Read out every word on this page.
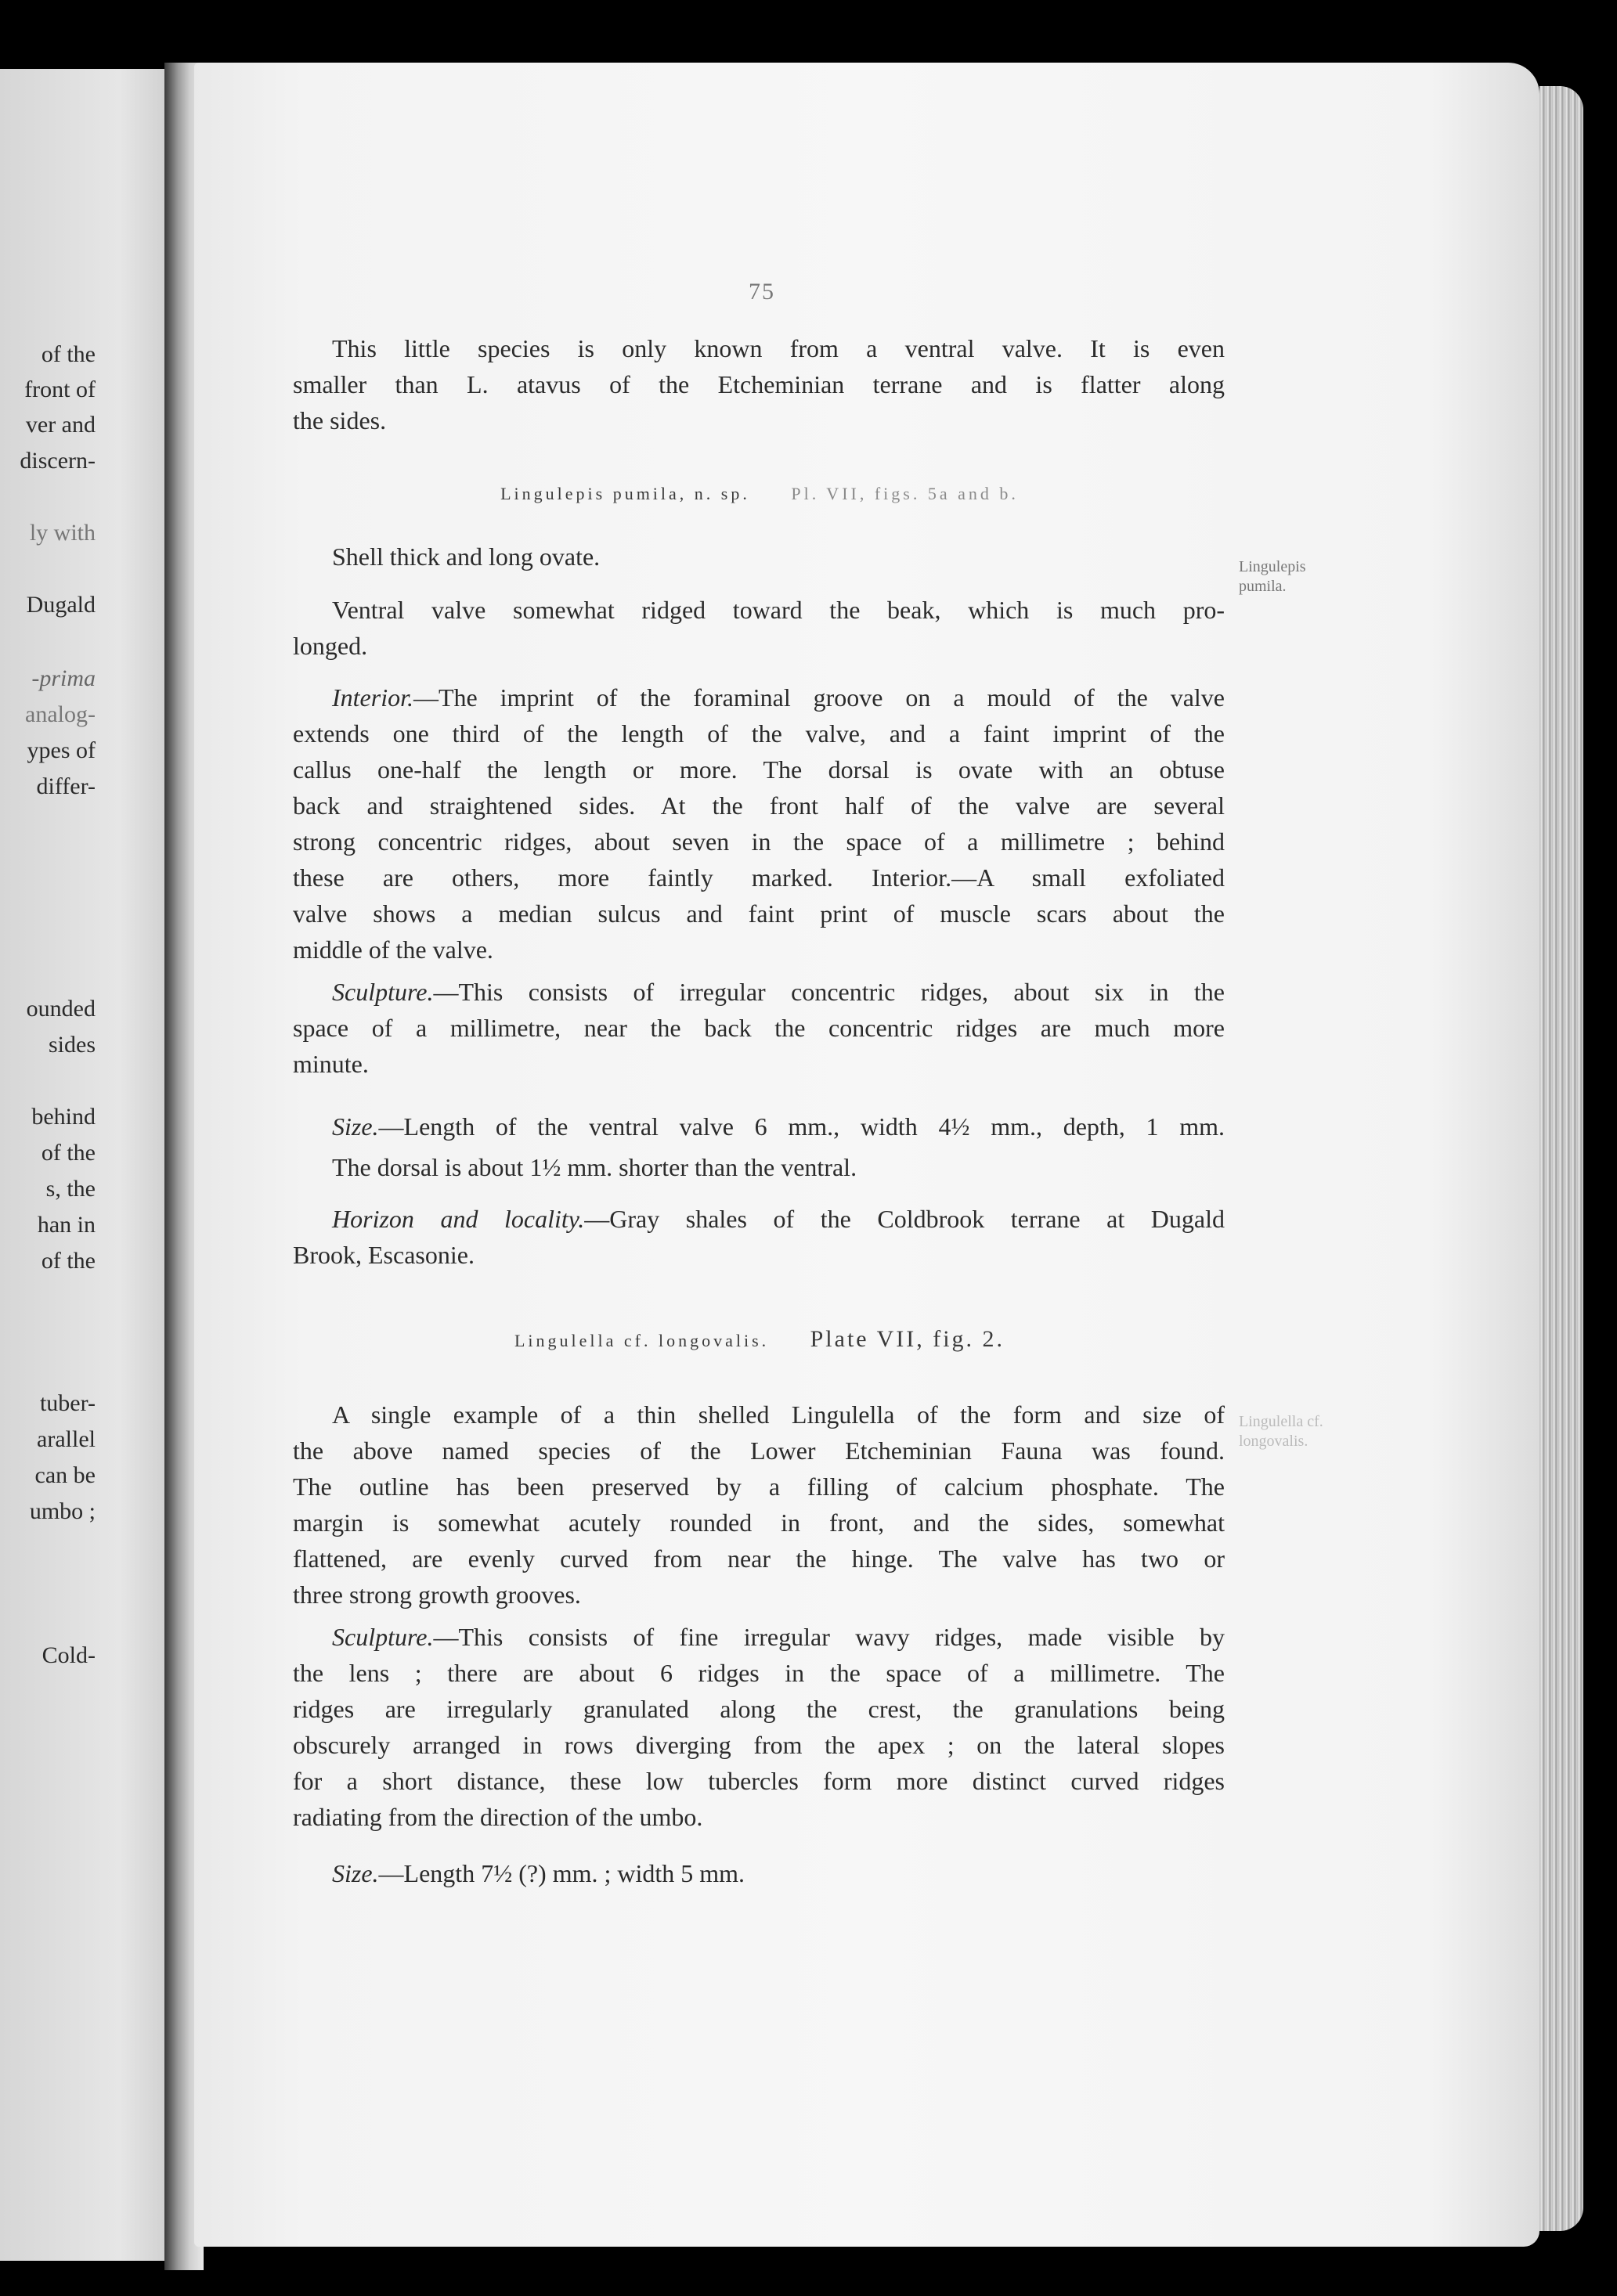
of the
front of
ver and
discern-
ly with
Dugald
-prima
analog-
ypes of
differ-
ounded
sides
behind
of the
s, the
han in
of the
tuber-
arallel
can be
umbo ;
Cold-
75
This little species is only known from a ventral valve. It is even
smaller than L. atavus of the Etcheminian terrane and is flatter along
the sides.
Lingulepis pumila, n. sp. Pl. VII, figs. 5a and b.
Lingulepis
pumila.
Shell thick and long ovate.
Ventral valve somewhat ridged toward the beak, which is much pro-
longed.
Interior.—The imprint of the foraminal groove on a mould of the valve
extends one third of the length of the valve, and a faint imprint of the
callus one-half the length or more. The dorsal is ovate with an obtuse
back and straightened sides. At the front half of the valve are several
strong concentric ridges, about seven in the space of a millimetre ; behind
these are others, more faintly marked. Interior.—A small exfoliated
valve shows a median sulcus and faint print of muscle scars about the
middle of the valve.
Sculpture.—This consists of irregular concentric ridges, about six in the
space of a millimetre, near the back the concentric ridges are much more
minute.
Size.—Length of the ventral valve 6 mm., width 4½ mm., depth, 1 mm.
The dorsal is about 1½ mm. shorter than the ventral.
Horizon and locality.—Gray shales of the Coldbrook terrane at Dugald
Brook, Escasonie.
Lingulella cf. longovalis. Plate VII, fig. 2.
Lingulella cf.
longovalis.
A single example of a thin shelled Lingulella of the form and size of
the above named species of the Lower Etcheminian Fauna was found.
The outline has been preserved by a filling of calcium phosphate. The
margin is somewhat acutely rounded in front, and the sides, somewhat
flattened, are evenly curved from near the hinge. The valve has two or
three strong growth grooves.
Sculpture.—This consists of fine irregular wavy ridges, made visible by
the lens ; there are about 6 ridges in the space of a millimetre. The
ridges are irregularly granulated along the crest, the granulations being
obscurely arranged in rows diverging from the apex ; on the lateral slopes
for a short distance, these low tubercles form more distinct curved ridges
radiating from the direction of the umbo.
Size.—Length 7½ (?) mm. ; width 5 mm.
